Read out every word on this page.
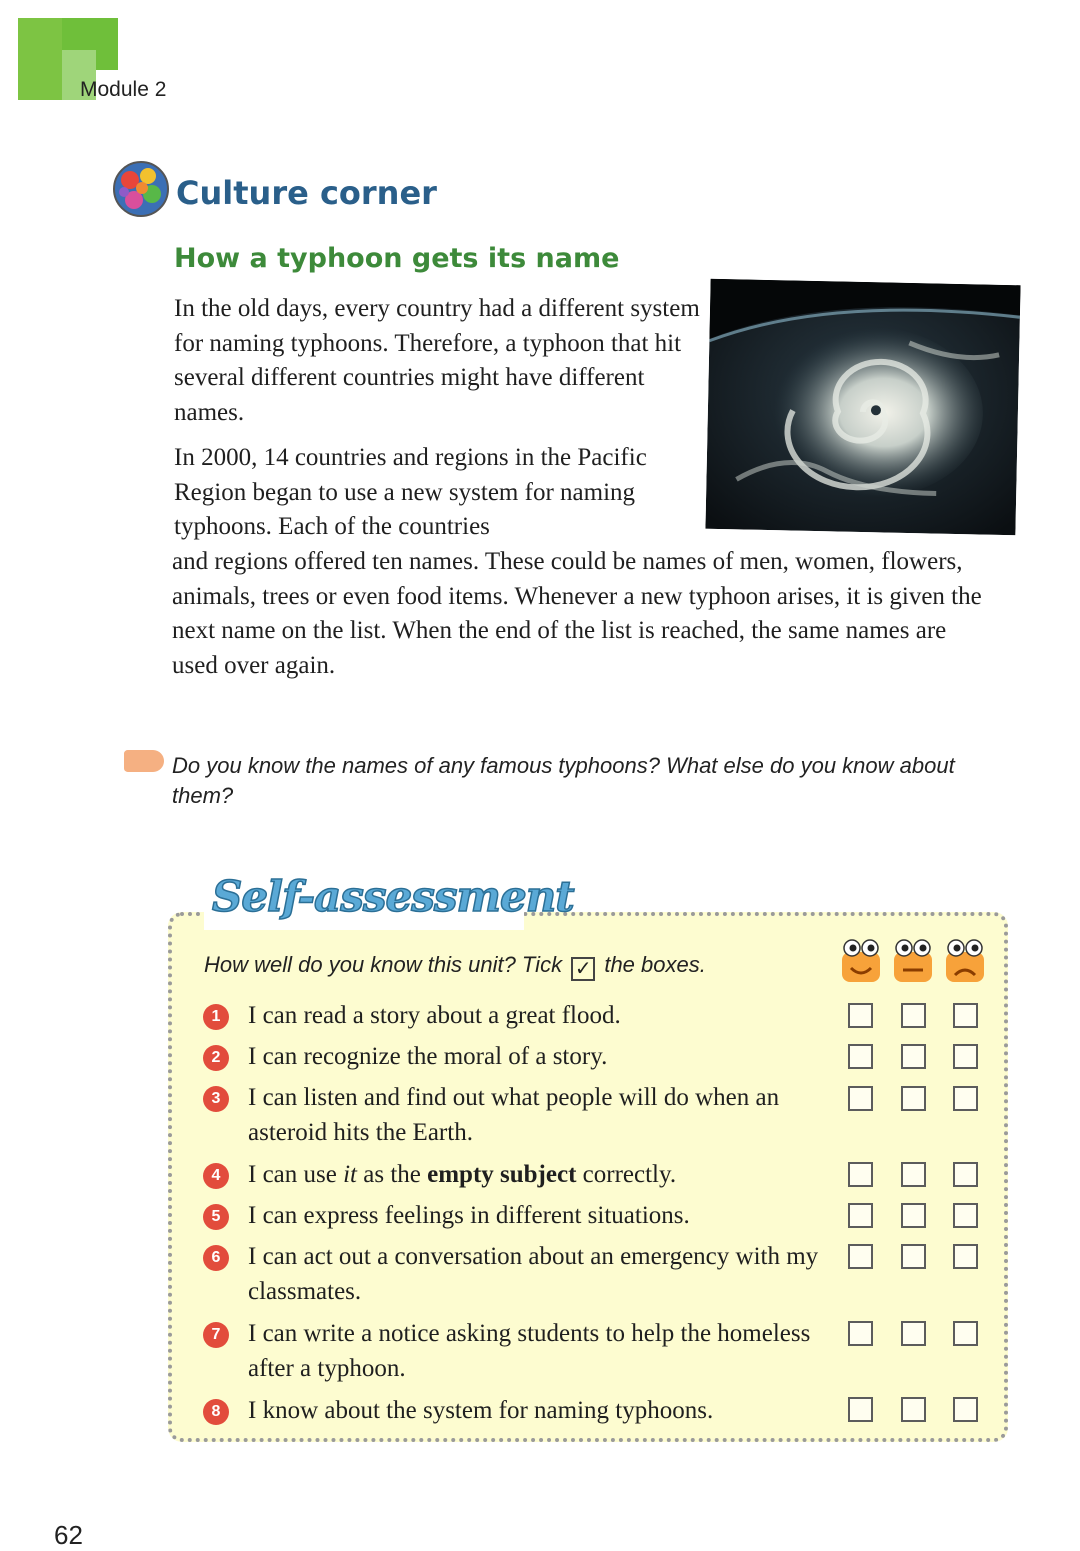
Module 2
Culture corner
How a typhoon gets its name
In the old days, every country had a different system for naming typhoons. Therefore, a typhoon that hit several different countries might have different names.
In 2000, 14 countries and regions in the Pacific Region began to use a new system for naming typhoons. Each of the countries
and regions offered ten names. These could be names of men, women, flowers, animals, trees or even food items. Whenever a new typhoon arises, it is given the next name on the list. When the end of the list is reached, the same names are used over again.
Do you know the names of any famous typhoons? What else do you know about them?
Self-assessment
How well do you know this unit? Tick ✓ the boxes.
1	I can read a story about a great flood.
2	I can recognize the moral of a story.
3	I can listen and find out what people will do when an asteroid hits the Earth.
4	I can use it as the empty subject correctly.
5	I can express feelings in different situations.
6	I can act out a conversation about an emergency with my classmates.
7	I can write a notice asking students to help the homeless after a typhoon.
8	I know about the system for naming typhoons.
62
